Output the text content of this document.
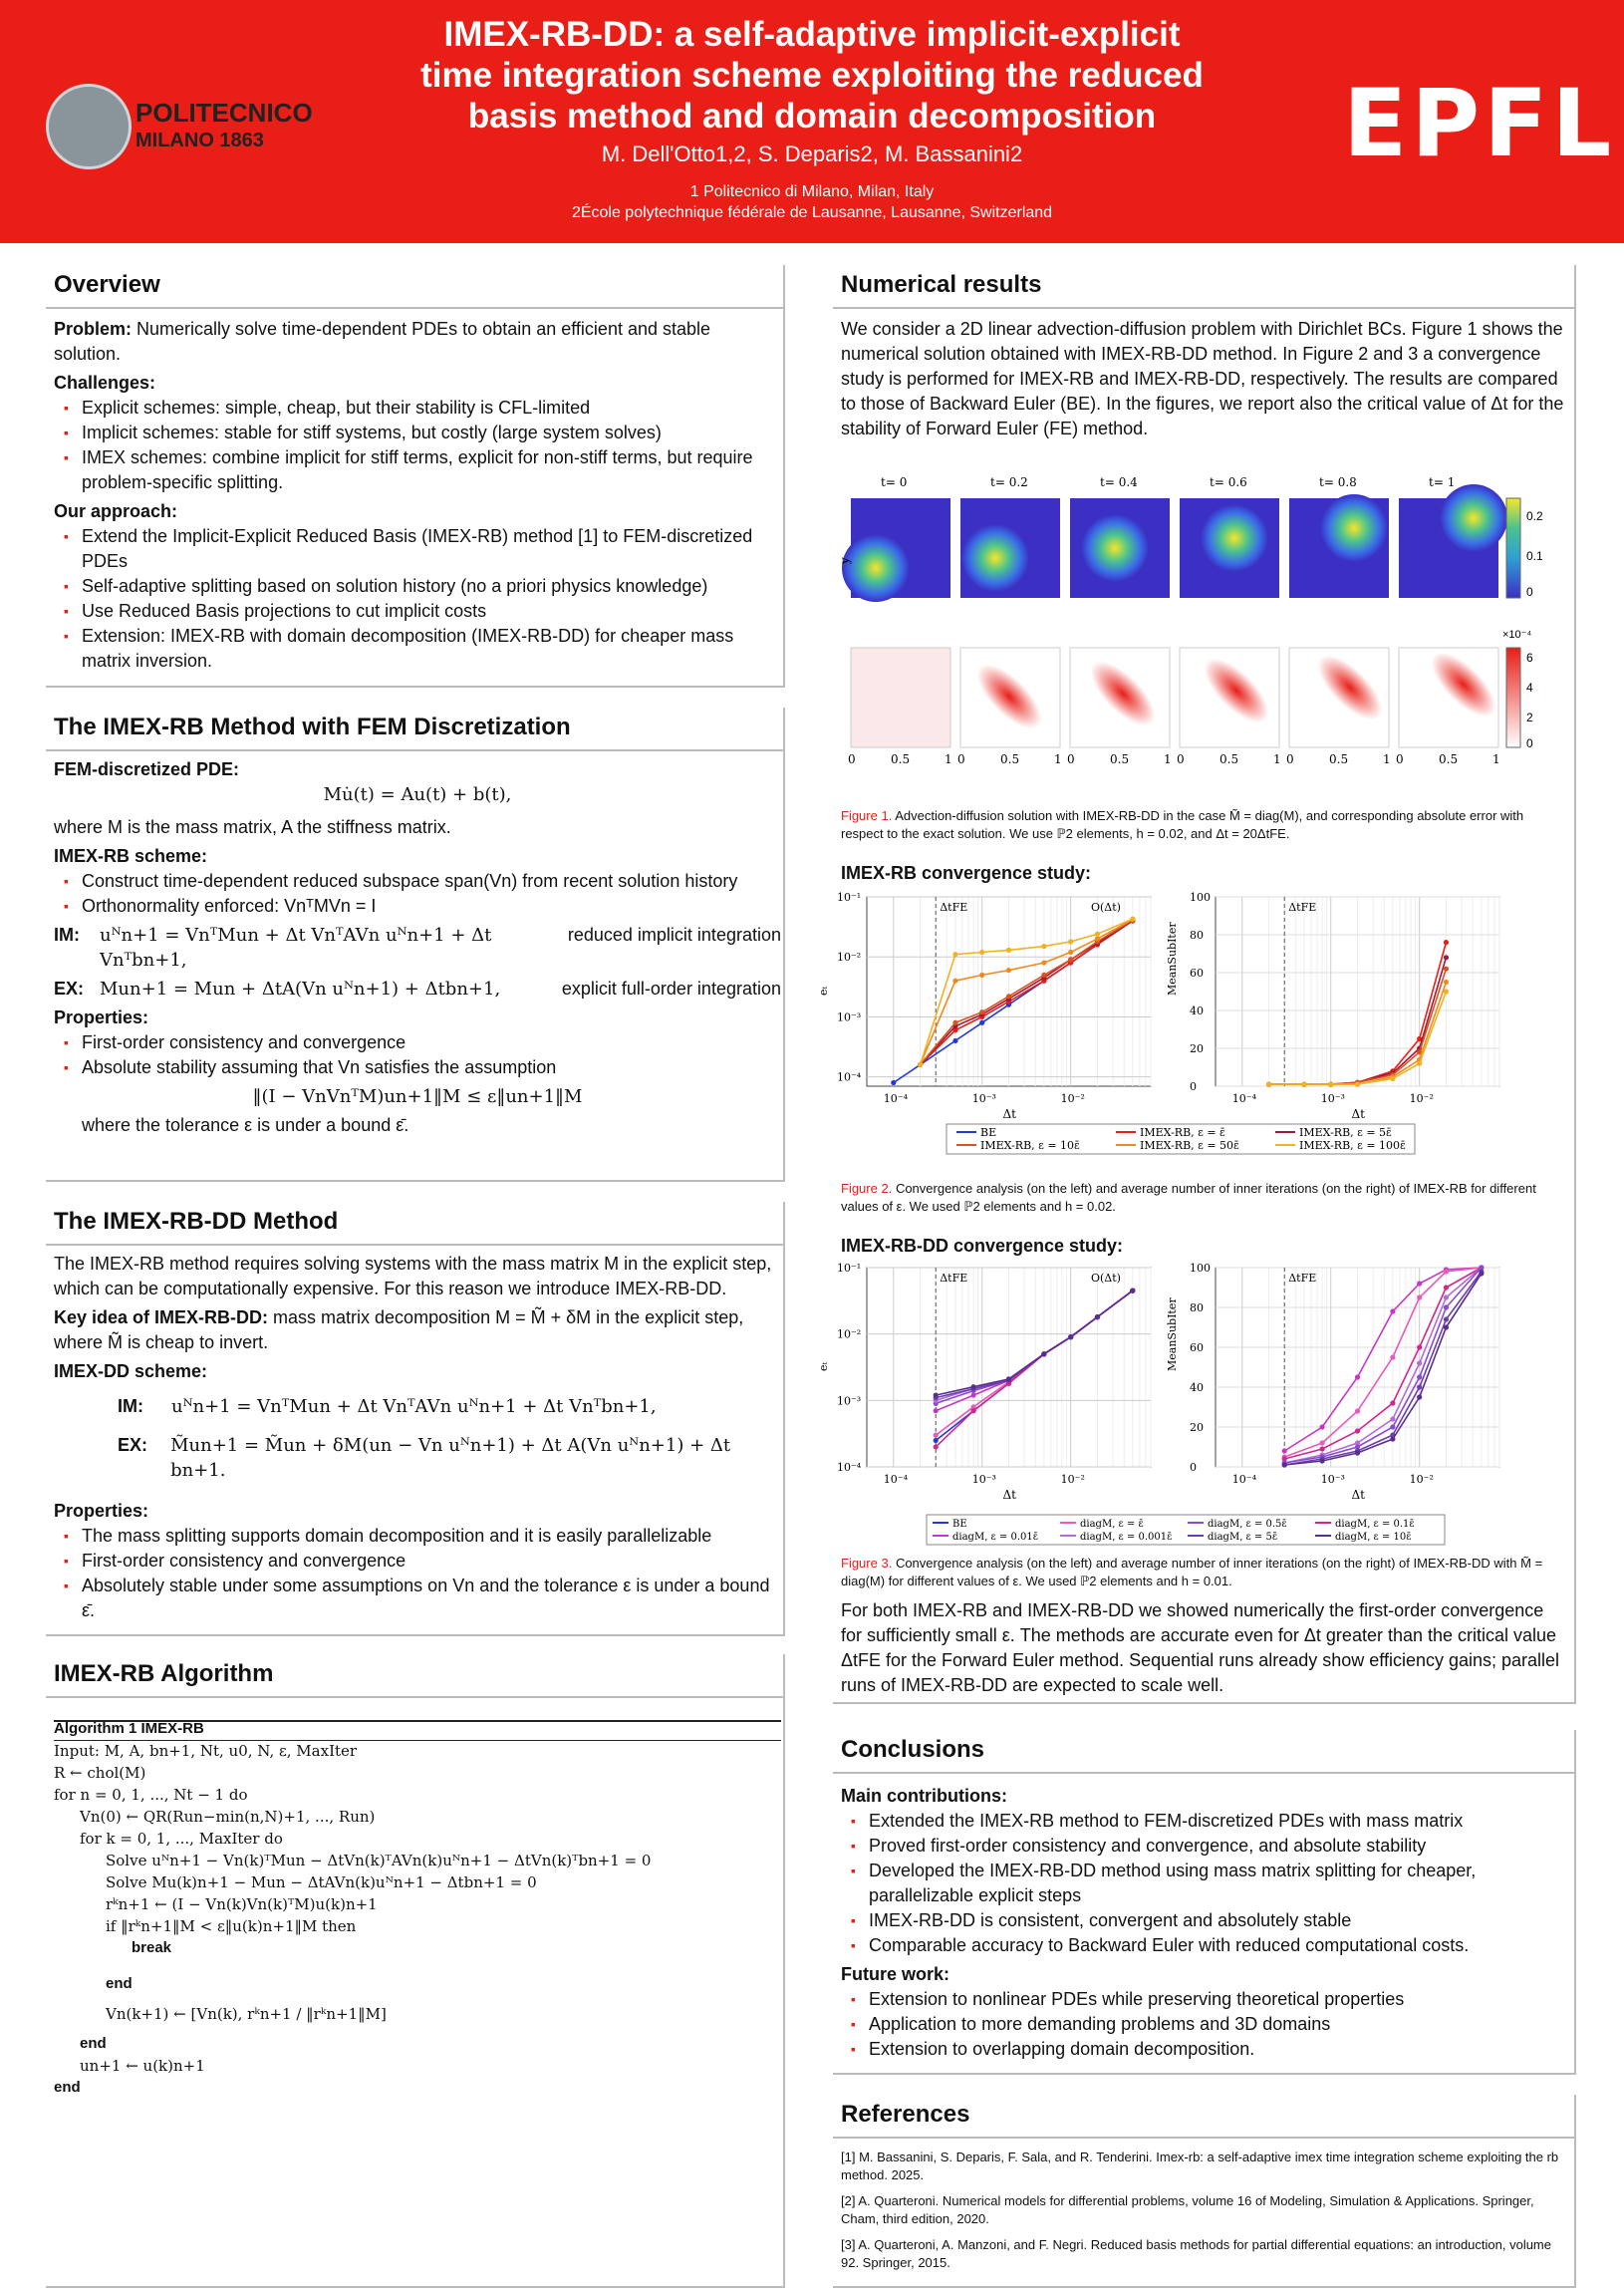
POLITECNICO
MILANO 1863
IMEX-RB-DD: a self-adaptive implicit-explicit
time integration scheme exploiting the reduced
basis method and domain decomposition
M. Dell'Otto1,2, S. Deparis2, M. Bassanini2
1 Politecnico di Milano, Milan, Italy
2École polytechnique fédérale de Lausanne, Lausanne, Switzerland
EPFL
Overview
Problem: Numerically solve time-dependent PDEs to obtain an efficient and stable solution.
Challenges:
▪ Explicit schemes: simple, cheap, but their stability is CFL-limited
▪ Implicit schemes: stable for stiff systems, but costly (large system solves)
▪ IMEX schemes: combine implicit for stiff terms, explicit for non-stiff terms, but require problem-specific splitting.
Our approach:
▪ Extend the Implicit-Explicit Reduced Basis (IMEX-RB) method [1] to FEM-discretized PDEs
▪ Self-adaptive splitting based on solution history (no a priori physics knowledge)
▪ Use Reduced Basis projections to cut implicit costs
▪ Extension: IMEX-RB with domain decomposition (IMEX-RB-DD) for cheaper mass matrix inversion.
The IMEX-RB Method with FEM Discretization
FEM-discretized PDE:
Mu̇(t) = Au(t) + b(t),
where M is the mass matrix, A the stiffness matrix.
IMEX-RB scheme:
▪ Construct time-dependent reduced subspace span(Vn) from recent solution history
▪ Orthonormality enforced: VnᵀMVn = I
IM:	uᴺn+1 = VnᵀMun + Δt VnᵀAVn uᴺn+1 + Δt Vnᵀbn+1,
reduced implicit integration
EX: Mun+1 = Mun + ΔtA(Vn uᴺn+1) + Δtbn+1,	explicit full-order integration
Properties:
▪ First-order consistency and convergence
▪ Absolute stability assuming that Vn satisfies the assumption
‖(I − VnVnᵀM)un+1‖M ≤ ε‖un+1‖M
where the tolerance ε is under a bound ε̄.
The IMEX-RB-DD Method
The IMEX-RB method requires solving systems with the mass matrix M in the explicit step, which can be computationally expensive. For this reason we introduce IMEX-RB-DD.
Key idea of IMEX-RB-DD: mass matrix decomposition M = M̃ + δM in the explicit step, where M̃ is cheap to invert.
IMEX-DD scheme:
IM:	uᴺn+1 = VnᵀMun + Δt VnᵀAVn uᴺn+1 + Δt Vnᵀbn+1,
EX:	M̃un+1 = M̃un + δM(un − Vn uᴺn+1) + Δt A(Vn uᴺn+1) + Δt bn+1.
Properties:
▪ The mass splitting supports domain decomposition and it is easily parallelizable
▪ First-order consistency and convergence
▪ Absolutely stable under some assumptions on Vn and the tolerance ε is under a bound ε̄.
IMEX-RB Algorithm
Algorithm 1 IMEX-RB
Input: M, A, bn+1, Nt, u0, N, ε, MaxIter
R ← chol(M)
for n = 0, 1, ..., Nt − 1 do
Vn(0) ← QR(Run−min(n,N)+1, ..., Run)
for k = 0, 1, ..., MaxIter do
Solve uᴺn+1 − Vn(k)ᵀMun − ΔtVn(k)ᵀAVn(k)uᴺn+1 − ΔtVn(k)ᵀbn+1 = 0
Solve Mu(k)n+1 − Mun − ΔtAVn(k)uᴺn+1 − Δtbn+1 = 0
rᵏn+1 ← (I − Vn(k)Vn(k)ᵀM)u(k)n+1
if ‖rᵏn+1‖M < ε‖u(k)n+1‖M then
break
end
Vn(k+1) ← [Vn(k), rᵏn+1 / ‖rᵏn+1‖M]
end
un+1 ← u(k)n+1
end
Numerical results
We consider a 2D linear advection-diffusion problem with Dirichlet BCs. Figure 1 shows the numerical solution obtained with IMEX-RB-DD method. In Figure 2 and 3 a convergence study is performed for IMEX-RB and IMEX-RB-DD, respectively. The results are compared to those of Backward Euler (BE). In the figures, we report also the critical value of Δt for the stability of Forward Euler (FE) method.
t= 0
0	0.5	1
t= 0.2
0	0.5	1
t= 0.4
0	0.5	1
t= 0.6
0	0.5	1
t= 0.8
0	0.5	1
t= 1
0	0.5	1
y
0.2
0.1
0
×10⁻⁴
6
4
2
0
Figure 1. Advection-diffusion solution with IMEX-RB-DD in the case M̃ = diag(M), and corresponding absolute error with respect to the exact solution. We use ℙ2 elements, h = 0.02, and Δt = 20ΔtFE.
IMEX-RB convergence study:
10⁻⁴	10⁻³	10⁻²
Δt
10⁻¹
10⁻²
10⁻³
10⁻⁴
eₜ
ΔtFE	O(Δt)
10⁻⁴	10⁻³	10⁻²
Δt
100
80
60
40
20
0
MeanSubIter
ΔtFE
BE	IMEX-RB, ε = ε̄	IMEX-RB, ε = 5ε̄
IMEX-RB, ε = 10ε̄	IMEX-RB, ε = 50ε̄	IMEX-RB, ε = 100ε̄
Figure 2. Convergence analysis (on the left) and average number of inner iterations (on the right) of IMEX-RB for different values of ε. We used ℙ2 elements and h = 0.02.
IMEX-RB-DD convergence study:
10⁻⁴	10⁻³	10⁻²
Δt
10⁻¹
10⁻²
10⁻³
10⁻⁴
eₜ
ΔtFE	O(Δt)
10⁻⁴	10⁻³	10⁻²
Δt
100
80
60
40
20
0
MeanSubIter
ΔtFE
BE	diagM, ε = ε̄	diagM, ε = 0.5ε̄	diagM, ε = 0.1ε̄
diagM, ε = 0.01ε̄	diagM, ε = 0.001ε̄	diagM, ε = 5ε̄	diagM, ε = 10ε̄
Figure 3. Convergence analysis (on the left) and average number of inner iterations (on the right) of IMEX-RB-DD with M̃ = diag(M) for different values of ε. We used ℙ2 elements and h = 0.01.
For both IMEX-RB and IMEX-RB-DD we showed numerically the first-order convergence for sufficiently small ε. The methods are accurate even for Δt greater than the critical value ΔtFE for the Forward Euler method. Sequential runs already show efficiency gains; parallel runs of IMEX-RB-DD are expected to scale well.
Conclusions
Main contributions:
▪ Extended the IMEX-RB method to FEM-discretized PDEs with mass matrix
▪ Proved first-order consistency and convergence, and absolute stability
▪ Developed the IMEX-RB-DD method using mass matrix splitting for cheaper, parallelizable explicit steps
▪ IMEX-RB-DD is consistent, convergent and absolutely stable
▪ Comparable accuracy to Backward Euler with reduced computational costs.
Future work:
▪ Extension to nonlinear PDEs while preserving theoretical properties
▪ Application to more demanding problems and 3D domains
▪ Extension to overlapping domain decomposition.
References
[1] M. Bassanini, S. Deparis, F. Sala, and R. Tenderini. Imex-rb: a self-adaptive imex time integration scheme exploiting the rb method. 2025.
[2] A. Quarteroni. Numerical models for differential problems, volume 16 of Modeling, Simulation & Applications. Springer, Cham, third edition, 2020.
[3] A. Quarteroni, A. Manzoni, and F. Negri. Reduced basis methods for partial differential equations: an introduction, volume 92. Springer, 2015.
